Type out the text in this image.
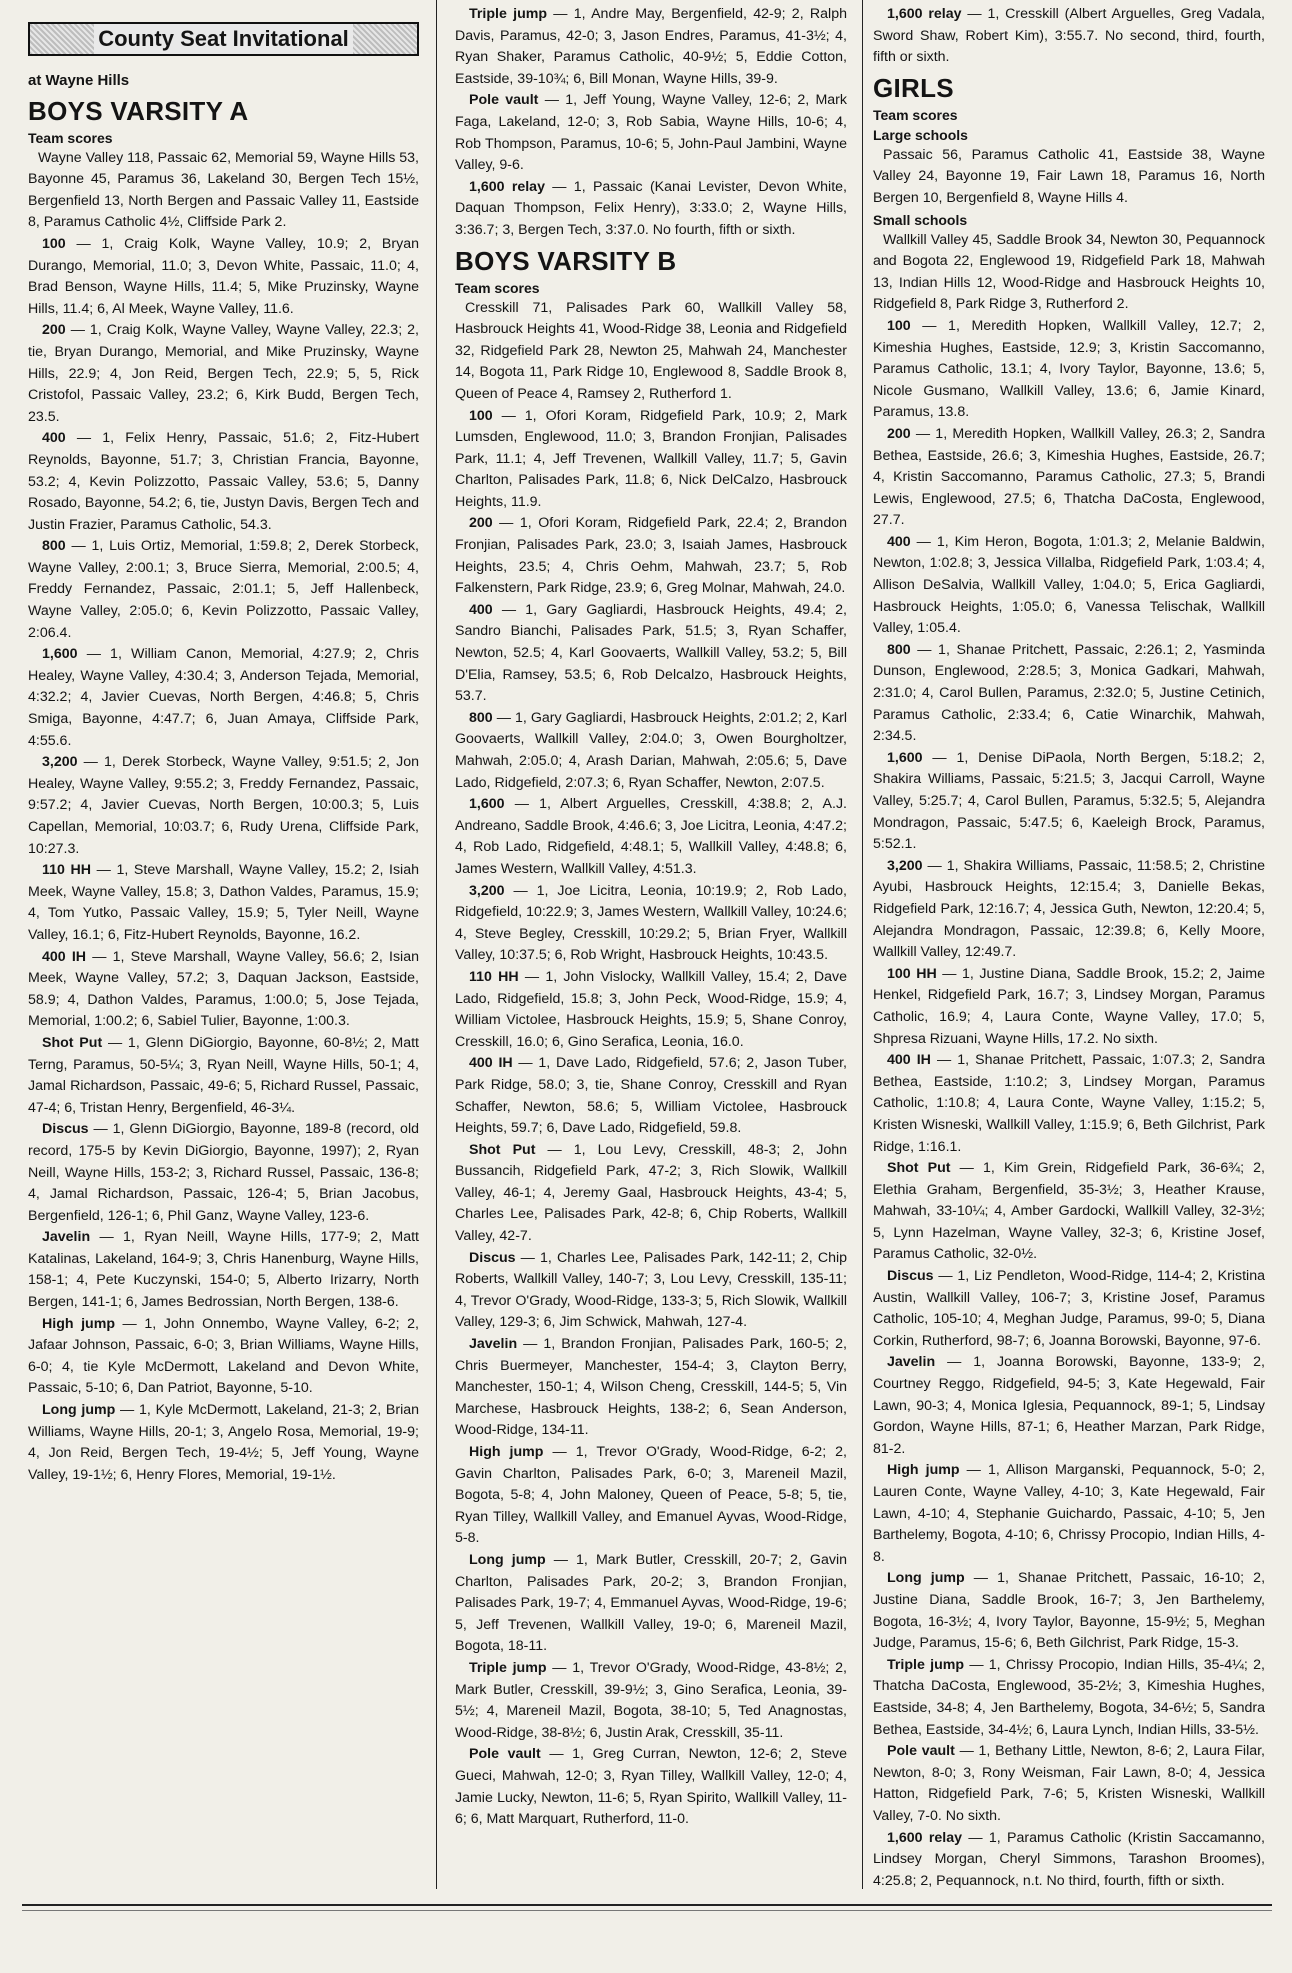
County Seat Invitational
at Wayne Hills
BOYS VARSITY A
Team scores

Wayne Valley 118, Passaic 62, Memorial 59, Wayne Hills 53, Bayonne 45, Paramus 36, Lakeland 30, Bergen Tech 15½, Bergenfield 13, North Bergen and Passaic Valley 11, Eastside 8, Paramus Catholic 4½, Cliffside Park 2.

100 — 1, Craig Kolk, Wayne Valley, 10.9; 2, Bryan Durango, Memorial, 11.0; 3, Devon White, Passaic, 11.0; 4, Brad Benson, Wayne Hills, 11.4; 5, Mike Pruzinsky, Wayne Hills, 11.4; 6, Al Meek, Wayne Valley, 11.6.

200 — 1, Craig Kolk, Wayne Valley, Wayne Valley, 22.3; 2, tie, Bryan Durango, Memorial, and Mike Pruzinsky, Wayne Hills, 22.9; 4, Jon Reid, Bergen Tech, 22.9; 5, 5, Rick Cristofol, Passaic Valley, 23.2; 6, Kirk Budd, Bergen Tech, 23.5.

400 — 1, Felix Henry, Passaic, 51.6; 2, Fitz-Hubert Reynolds, Bayonne, 51.7; 3, Christian Francia, Bayonne, 53.2; 4, Kevin Polizzotto, Passaic Valley, 53.6; 5, Danny Rosado, Bayonne, 54.2; 6, tie, Justyn Davis, Bergen Tech and Justin Frazier, Paramus Catholic, 54.3.

800 — 1, Luis Ortiz, Memorial, 1:59.8; 2, Derek Storbeck, Wayne Valley, 2:00.1; 3, Bruce Sierra, Memorial, 2:00.5; 4, Freddy Fernandez, Passaic, 2:01.1; 5, Jeff Hallenbeck, Wayne Valley, 2:05.0; 6, Kevin Polizzotto, Passaic Valley, 2:06.4.

1,600 — 1, William Canon, Memorial, 4:27.9; 2, Chris Healey, Wayne Valley, 4:30.4; 3, Anderson Tejada, Memorial, 4:32.2; 4, Javier Cuevas, North Bergen, 4:46.8; 5, Chris Smiga, Bayonne, 4:47.7; 6, Juan Amaya, Cliffside Park, 4:55.6.

3,200 — 1, Derek Storbeck, Wayne Valley, 9:51.5; 2, Jon Healey, Wayne Valley, 9:55.2; 3, Freddy Fernandez, Passaic, 9:57.2; 4, Javier Cuevas, North Bergen, 10:00.3; 5, Luis Capellan, Memorial, 10:03.7; 6, Rudy Urena, Cliffside Park, 10:27.3.

110 HH — 1, Steve Marshall, Wayne Valley, 15.2; 2, Isiah Meek, Wayne Valley, 15.8; 3, Dathon Valdes, Paramus, 15.9; 4, Tom Yutko, Passaic Valley, 15.9; 5, Tyler Neill, Wayne Valley, 16.1; 6, Fitz-Hubert Reynolds, Bayonne, 16.2.

400 IH — 1, Steve Marshall, Wayne Valley, 56.6; 2, Isian Meek, Wayne Valley, 57.2; 3, Daquan Jackson, Eastside, 58.9; 4, Dathon Valdes, Paramus, 1:00.0; 5, Jose Tejada, Memorial, 1:00.2; 6, Sabiel Tulier, Bayonne, 1:00.3.

Shot Put — 1, Glenn DiGiorgio, Bayonne, 60-8½; 2, Matt Terng, Paramus, 50-5¼; 3, Ryan Neill, Wayne Hills, 50-1; 4, Jamal Richardson, Passaic, 49-6; 5, Richard Russel, Passaic, 47-4; 6, Tristan Henry, Bergenfield, 46-3¼.

Discus — 1, Glenn DiGiorgio, Bayonne, 189-8 (record, old record, 175-5 by Kevin DiGiorgio, Bayonne, 1997); 2, Ryan Neill, Wayne Hills, 153-2; 3, Richard Russel, Passaic, 136-8; 4, Jamal Richardson, Passaic, 126-4; 5, Brian Jacobus, Bergenfield, 126-1; 6, Phil Ganz, Wayne Valley, 123-6.

Javelin — 1, Ryan Neill, Wayne Hills, 177-9; 2, Matt Katalinas, Lakeland, 164-9; 3, Chris Hanenburg, Wayne Hills, 158-1; 4, Pete Kuczynski, 154-0; 5, Alberto Irizarry, North Bergen, 141-1; 6, James Bedrossian, North Bergen, 138-6.

High jump — 1, John Onnembo, Wayne Valley, 6-2; 2, Jafaar Johnson, Passaic, 6-0; 3, Brian Williams, Wayne Hills, 6-0; 4, tie Kyle McDermott, Lakeland and Devon White, Passaic, 5-10; 6, Dan Patriot, Bayonne, 5-10.

Long jump — 1, Kyle McDermott, Lakeland, 21-3; 2, Brian Williams, Wayne Hills, 20-1; 3, Angelo Rosa, Memorial, 19-9; 4, Jon Reid, Bergen Tech, 19-4½; 5, Jeff Young, Wayne Valley, 19-1½; 6, Henry Flores, Memorial, 19-1½.

Triple jump — 1, Andre May, Bergenfield, 42-9; 2, Ralph Davis, Paramus, 42-0; 3, Jason Endres, Paramus, 41-3½; 4, Ryan Shaker, Paramus Catholic, 40-9½; 5, Eddie Cotton, Eastside, 39-10¾; 6, Bill Monan, Wayne Hills, 39-9.

Pole vault — 1, Jeff Young, Wayne Valley, 12-6; 2, Mark Faga, Lakeland, 12-0; 3, Rob Sabia, Wayne Hills, 10-6; 4, Rob Thompson, Paramus, 10-6; 5, John-Paul Jambini, Wayne Valley, 9-6.

1,600 relay — 1, Passaic (Kanai Levister, Devon White, Daquan Thompson, Felix Henry), 3:33.0; 2, Wayne Hills, 3:36.7; 3, Bergen Tech, 3:37.0. No fourth, fifth or sixth.

BOYS VARSITY B
Team scores

Cresskill 71, Palisades Park 60, Wallkill Valley 58, Hasbrouck Heights 41, Wood-Ridge 38, Leonia and Ridgefield 32, Ridgefield Park 28, Newton 25, Mahwah 24, Manchester 14, Bogota 11, Park Ridge 10, Englewood 8, Saddle Brook 8, Queen of Peace 4, Ramsey 2, Rutherford 1.

100 — 1, Ofori Koram, Ridgefield Park, 10.9; 2, Mark Lumsden, Englewood, 11.0; 3, Brandon Fronjian, Palisades Park, 11.1; 4, Jeff Trevenen, Wallkill Valley, 11.7; 5, Gavin Charlton, Palisades Park, 11.8; 6, Nick DelCalzo, Hasbrouck Heights, 11.9.

200 — 1, Ofori Koram, Ridgefield Park, 22.4; 2, Brandon Fronjian, Palisades Park, 23.0; 3, Isaiah James, Hasbrouck Heights, 23.5; 4, Chris Oehm, Mahwah, 23.7; 5, Rob Falkenstern, Park Ridge, 23.9; 6, Greg Molnar, Mahwah, 24.0.

400 — 1, Gary Gagliardi, Hasbrouck Heights, 49.4; 2, Sandro Bianchi, Palisades Park, 51.5; 3, Ryan Schaffer, Newton, 52.5; 4, Karl Goovaerts, Wallkill Valley, 53.2; 5, Bill D'Elia, Ramsey, 53.5; 6, Rob Delcalzo, Hasbrouck Heights, 53.7.

800 — 1, Gary Gagliardi, Hasbrouck Heights, 2:01.2; 2, Karl Goovaerts, Wallkill Valley, 2:04.0; 3, Owen Bourgholtzer, Mahwah, 2:05.0; 4, Arash Darian, Mahwah, 2:05.6; 5, Dave Lado, Ridgefield, 2:07.3; 6, Ryan Schaffer, Newton, 2:07.5.

1,600 — 1, Albert Arguelles, Cresskill, 4:38.8; 2, A.J. Andreano, Saddle Brook, 4:46.6; 3, Joe Licitra, Leonia, 4:47.2; 4, Rob Lado, Ridgefield, 4:48.1; 5, Wallkill Valley, 4:48.8; 6, James Western, Wallkill Valley, 4:51.3.

3,200 — 1, Joe Licitra, Leonia, 10:19.9; 2, Rob Lado, Ridgefield, 10:22.9; 3, James Western, Wallkill Valley, 10:24.6; 4, Steve Begley, Cresskill, 10:29.2; 5, Brian Fryer, Wallkill Valley, 10:37.5; 6, Rob Wright, Hasbrouck Heights, 10:43.5.

110 HH — 1, John Vislocky, Wallkill Valley, 15.4; 2, Dave Lado, Ridgefield, 15.8; 3, John Peck, Wood-Ridge, 15.9; 4, William Victolee, Hasbrouck Heights, 15.9; 5, Shane Conroy, Cresskill, 16.0; 6, Gino Serafica, Leonia, 16.0.

400 IH — 1, Dave Lado, Ridgefield, 57.6; 2, Jason Tuber, Park Ridge, 58.0; 3, tie, Shane Conroy, Cresskill and Ryan Schaffer, Newton, 58.6; 5, William Victolee, Hasbrouck Heights, 59.7; 6, Dave Lado, Ridgefield, 59.8.

Shot Put — 1, Lou Levy, Cresskill, 48-3; 2, John Bussancih, Ridgefield Park, 47-2; 3, Rich Slowik, Wallkill Valley, 46-1; 4, Jeremy Gaal, Hasbrouck Heights, 43-4; 5, Charles Lee, Palisades Park, 42-8; 6, Chip Roberts, Wallkill Valley, 42-7.

Discus — 1, Charles Lee, Palisades Park, 142-11; 2, Chip Roberts, Wallkill Valley, 140-7; 3, Lou Levy, Cresskill, 135-11; 4, Trevor O'Grady, Wood-Ridge, 133-3; 5, Rich Slowik, Wallkill Valley, 129-3; 6, Jim Schwick, Mahwah, 127-4.

Javelin — 1, Brandon Fronjian, Palisades Park, 160-5; 2, Chris Buermeyer, Manchester, 154-4; 3, Clayton Berry, Manchester, 150-1; 4, Wilson Cheng, Cresskill, 144-5; 5, Vin Marchese, Hasbrouck Heights, 138-2; 6, Sean Anderson, Wood-Ridge, 134-11.

High jump — 1, Trevor O'Grady, Wood-Ridge, 6-2; 2, Gavin Charlton, Palisades Park, 6-0; 3, Mareneil Mazil, Bogota, 5-8; 4, John Maloney, Queen of Peace, 5-8; 5, tie, Ryan Tilley, Wallkill Valley, and Emanuel Ayvas, Wood-Ridge, 5-8.

Long jump — 1, Mark Butler, Cresskill, 20-7; 2, Gavin Charlton, Palisades Park, 20-2; 3, Brandon Fronjian, Palisades Park, 19-7; 4, Emmanuel Ayvas, Wood-Ridge, 19-6; 5, Jeff Trevenen, Wallkill Valley, 19-0; 6, Mareneil Mazil, Bogota, 18-11.

Triple jump — 1, Trevor O'Grady, Wood-Ridge, 43-8½; 2, Mark Butler, Cresskill, 39-9½; 3, Gino Serafica, Leonia, 39-5½; 4, Mareneil Mazil, Bogota, 38-10; 5, Ted Anagnostas, Wood-Ridge, 38-8½; 6, Justin Arak, Cresskill, 35-11.

Pole vault — 1, Greg Curran, Newton, 12-6; 2, Steve Gueci, Mahwah, 12-0; 3, Ryan Tilley, Wallkill Valley, 12-0; 4, Jamie Lucky, Newton, 11-6; 5, Ryan Spirito, Wallkill Valley, 11-6; 6, Matt Marquart, Rutherford, 11-0.

1,600 relay — 1, Cresskill (Albert Arguelles, Greg Vadala, Sword Shaw, Robert Kim), 3:55.7. No second, third, fourth, fifth or sixth.

GIRLS
Team scores
Large schools

Passaic 56, Paramus Catholic 41, Eastside 38, Wayne Valley 24, Bayonne 19, Fair Lawn 18, Paramus 16, North Bergen 10, Bergenfield 8, Wayne Hills 4.

Small schools

Wallkill Valley 45, Saddle Brook 34, Newton 30, Pequannock and Bogota 22, Englewood 19, Ridgefield Park 18, Mahwah 13, Indian Hills 12, Wood-Ridge and Hasbrouck Heights 10, Ridgefield 8, Park Ridge 3, Rutherford 2.

100 — 1, Meredith Hopken, Wallkill Valley, 12.7; 2, Kimeshia Hughes, Eastside, 12.9; 3, Kristin Saccomanno, Paramus Catholic, 13.1; 4, Ivory Taylor, Bayonne, 13.6; 5, Nicole Gusmano, Wallkill Valley, 13.6; 6, Jamie Kinard, Paramus, 13.8.

200 — 1, Meredith Hopken, Wallkill Valley, 26.3; 2, Sandra Bethea, Eastside, 26.6; 3, Kimeshia Hughes, Eastside, 26.7; 4, Kristin Saccomanno, Paramus Catholic, 27.3; 5, Brandi Lewis, Englewood, 27.5; 6, Thatcha DaCosta, Englewood, 27.7.

400 — 1, Kim Heron, Bogota, 1:01.3; 2, Melanie Baldwin, Newton, 1:02.8; 3, Jessica Villalba, Ridgefield Park, 1:03.4; 4, Allison DeSalvia, Wallkill Valley, 1:04.0; 5, Erica Gagliardi, Hasbrouck Heights, 1:05.0; 6, Vanessa Telischak, Wallkill Valley, 1:05.4.

800 — 1, Shanae Pritchett, Passaic, 2:26.1; 2, Yasminda Dunson, Englewood, 2:28.5; 3, Monica Gadkari, Mahwah, 2:31.0; 4, Carol Bullen, Paramus, 2:32.0; 5, Justine Cetinich, Paramus Catholic, 2:33.4; 6, Catie Winarchik, Mahwah, 2:34.5.

1,600 — 1, Denise DiPaola, North Bergen, 5:18.2; 2, Shakira Williams, Passaic, 5:21.5; 3, Jacqui Carroll, Wayne Valley, 5:25.7; 4, Carol Bullen, Paramus, 5:32.5; 5, Alejandra Mondragon, Passaic, 5:47.5; 6, Kaeleigh Brock, Paramus, 5:52.1.

3,200 — 1, Shakira Williams, Passaic, 11:58.5; 2, Christine Ayubi, Hasbrouck Heights, 12:15.4; 3, Danielle Bekas, Ridgefield Park, 12:16.7; 4, Jessica Guth, Newton, 12:20.4; 5, Alejandra Mondragon, Passaic, 12:39.8; 6, Kelly Moore, Wallkill Valley, 12:49.7.

100 HH — 1, Justine Diana, Saddle Brook, 15.2; 2, Jaime Henkel, Ridgefield Park, 16.7; 3, Lindsey Morgan, Paramus Catholic, 16.9; 4, Laura Conte, Wayne Valley, 17.0; 5, Shpresa Rizuani, Wayne Hills, 17.2. No sixth.

400 IH — 1, Shanae Pritchett, Passaic, 1:07.3; 2, Sandra Bethea, Eastside, 1:10.2; 3, Lindsey Morgan, Paramus Catholic, 1:10.8; 4, Laura Conte, Wayne Valley, 1:15.2; 5, Kristen Wisneski, Wallkill Valley, 1:15.9; 6, Beth Gilchrist, Park Ridge, 1:16.1.

Shot Put — 1, Kim Grein, Ridgefield Park, 36-6¾; 2, Elethia Graham, Bergenfield, 35-3½; 3, Heather Krause, Mahwah, 33-10¼; 4, Amber Gardocki, Wallkill Valley, 32-3½; 5, Lynn Hazelman, Wayne Valley, 32-3; 6, Kristine Josef, Paramus Catholic, 32-0½.

Discus — 1, Liz Pendleton, Wood-Ridge, 114-4; 2, Kristina Austin, Wallkill Valley, 106-7; 3, Kristine Josef, Paramus Catholic, 105-10; 4, Meghan Judge, Paramus, 99-0; 5, Diana Corkin, Rutherford, 98-7; 6, Joanna Borowski, Bayonne, 97-6.

Javelin — 1, Joanna Borowski, Bayonne, 133-9; 2, Courtney Reggo, Ridgefield, 94-5; 3, Kate Hegewald, Fair Lawn, 90-3; 4, Monica Iglesia, Pequannock, 89-1; 5, Lindsay Gordon, Wayne Hills, 87-1; 6, Heather Marzan, Park Ridge, 81-2.

High jump — 1, Allison Marganski, Pequannock, 5-0; 2, Lauren Conte, Wayne Valley, 4-10; 3, Kate Hegewald, Fair Lawn, 4-10; 4, Stephanie Guichardo, Passaic, 4-10; 5, Jen Barthelemy, Bogota, 4-10; 6, Chrissy Procopio, Indian Hills, 4-8.

Long jump — 1, Shanae Pritchett, Passaic, 16-10; 2, Justine Diana, Saddle Brook, 16-7; 3, Jen Barthelemy, Bogota, 16-3½; 4, Ivory Taylor, Bayonne, 15-9½; 5, Meghan Judge, Paramus, 15-6; 6, Beth Gilchrist, Park Ridge, 15-3.

Triple jump — 1, Chrissy Procopio, Indian Hills, 35-4¼; 2, Thatcha DaCosta, Englewood, 35-2½; 3, Kimeshia Hughes, Eastside, 34-8; 4, Jen Barthelemy, Bogota, 34-6½; 5, Sandra Bethea, Eastside, 34-4½; 6, Laura Lynch, Indian Hills, 33-5½.

Pole vault — 1, Bethany Little, Newton, 8-6; 2, Laura Filar, Newton, 8-0; 3, Rony Weisman, Fair Lawn, 8-0; 4, Jessica Hatton, Ridgefield Park, 7-6; 5, Kristen Wisneski, Wallkill Valley, 7-0. No sixth.

1,600 relay — 1, Paramus Catholic (Kristin Saccamanno, Lindsey Morgan, Cheryl Simmons, Tarashon Broomes), 4:25.8; 2, Pequannock, n.t. No third, fourth, fifth or sixth.
